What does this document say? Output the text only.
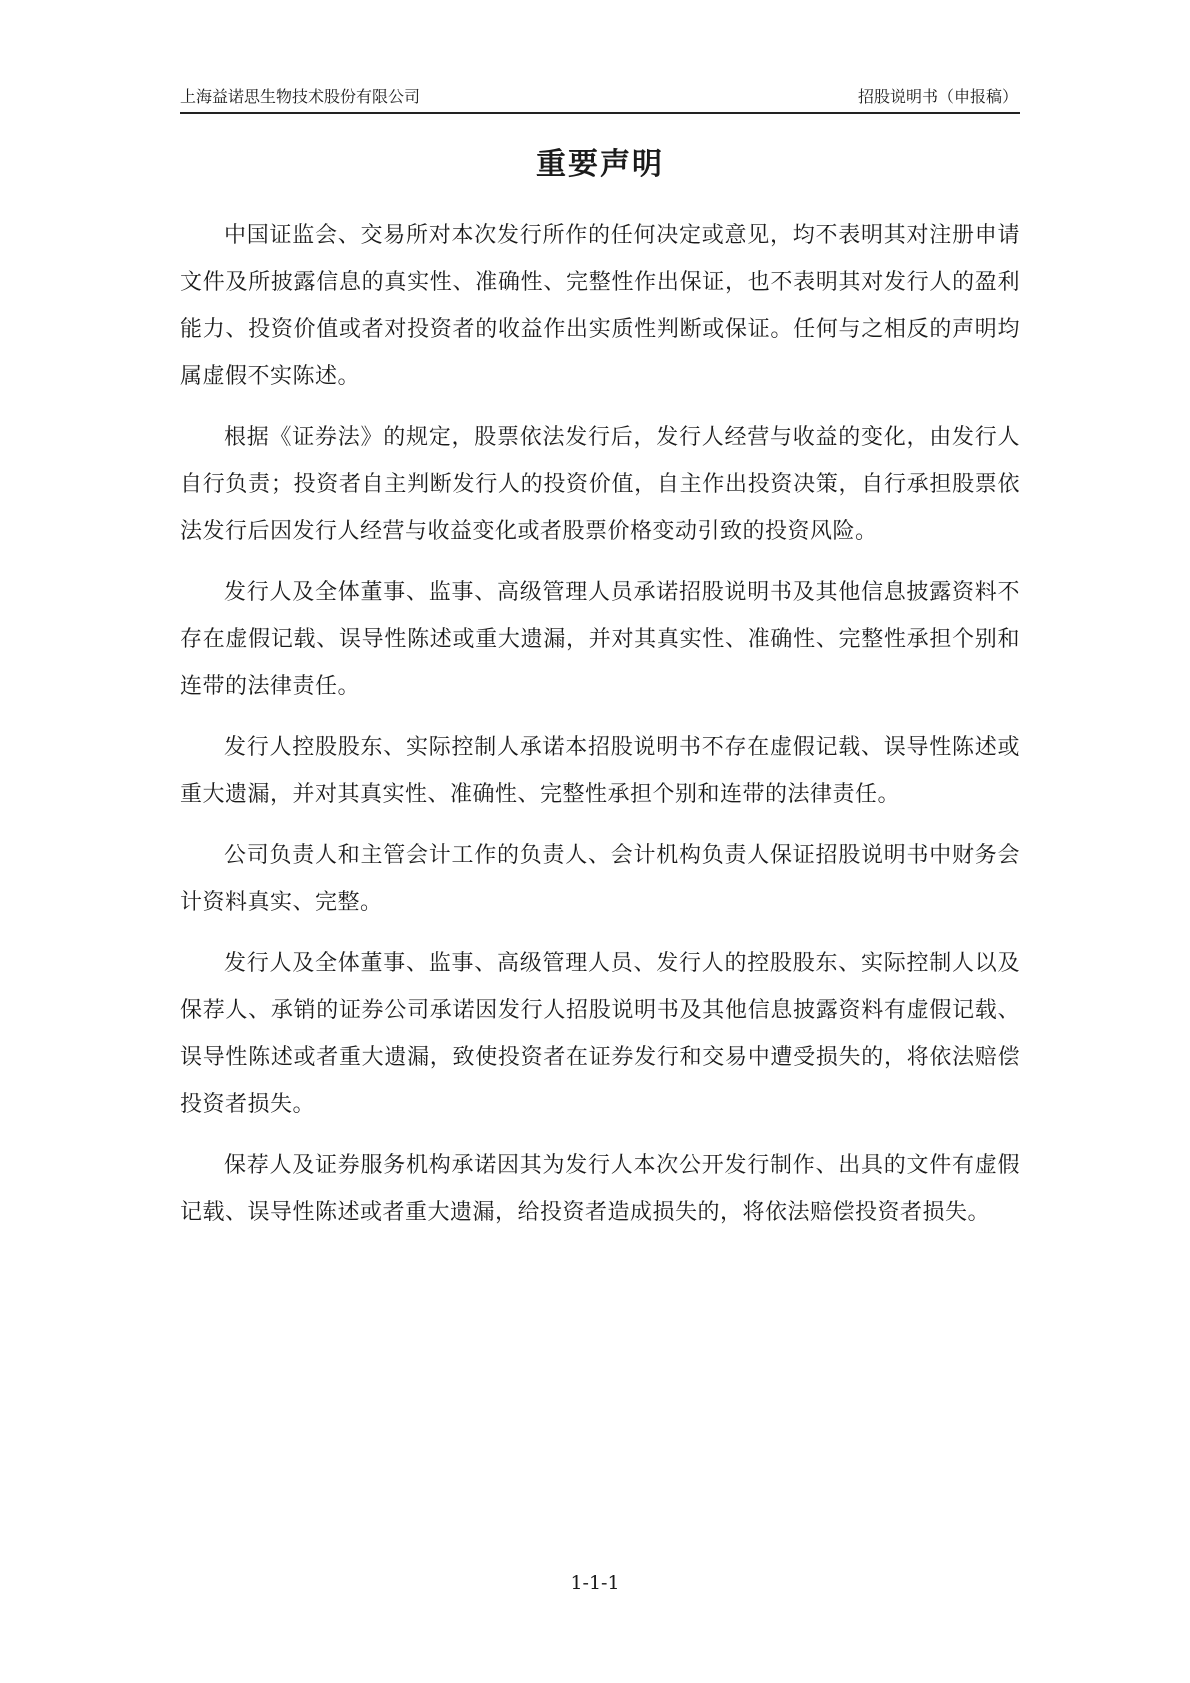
上海益诺思生物技术股份有限公司	招股说明书（申报稿）
重要声明

中国证监会、交易所对本次发行所作的任何决定或意见，均不表明其对注册申请文件及所披露信息的真实性、准确性、完整性作出保证，也不表明其对发行人的盈利能力、投资价值或者对投资者的收益作出实质性判断或保证。任何与之相反的声明均属虚假不实陈述。

根据《证券法》的规定，股票依法发行后，发行人经营与收益的变化，由发行人自行负责；投资者自主判断发行人的投资价值，自主作出投资决策，自行承担股票依法发行后因发行人经营与收益变化或者股票价格变动引致的投资风险。

发行人及全体董事、监事、高级管理人员承诺招股说明书及其他信息披露资料不存在虚假记载、误导性陈述或重大遗漏，并对其真实性、准确性、完整性承担个别和连带的法律责任。

发行人控股股东、实际控制人承诺本招股说明书不存在虚假记载、误导性陈述或重大遗漏，并对其真实性、准确性、完整性承担个别和连带的法律责任。

公司负责人和主管会计工作的负责人、会计机构负责人保证招股说明书中财务会计资料真实、完整。

发行人及全体董事、监事、高级管理人员、发行人的控股股东、实际控制人以及保荐人、承销的证券公司承诺因发行人招股说明书及其他信息披露资料有虚假记载、误导性陈述或者重大遗漏，致使投资者在证券发行和交易中遭受损失的，将依法赔偿投资者损失。

保荐人及证券服务机构承诺因其为发行人本次公开发行制作、出具的文件有虚假记载、误导性陈述或者重大遗漏，给投资者造成损失的，将依法赔偿投资者损失。

1-1-1
